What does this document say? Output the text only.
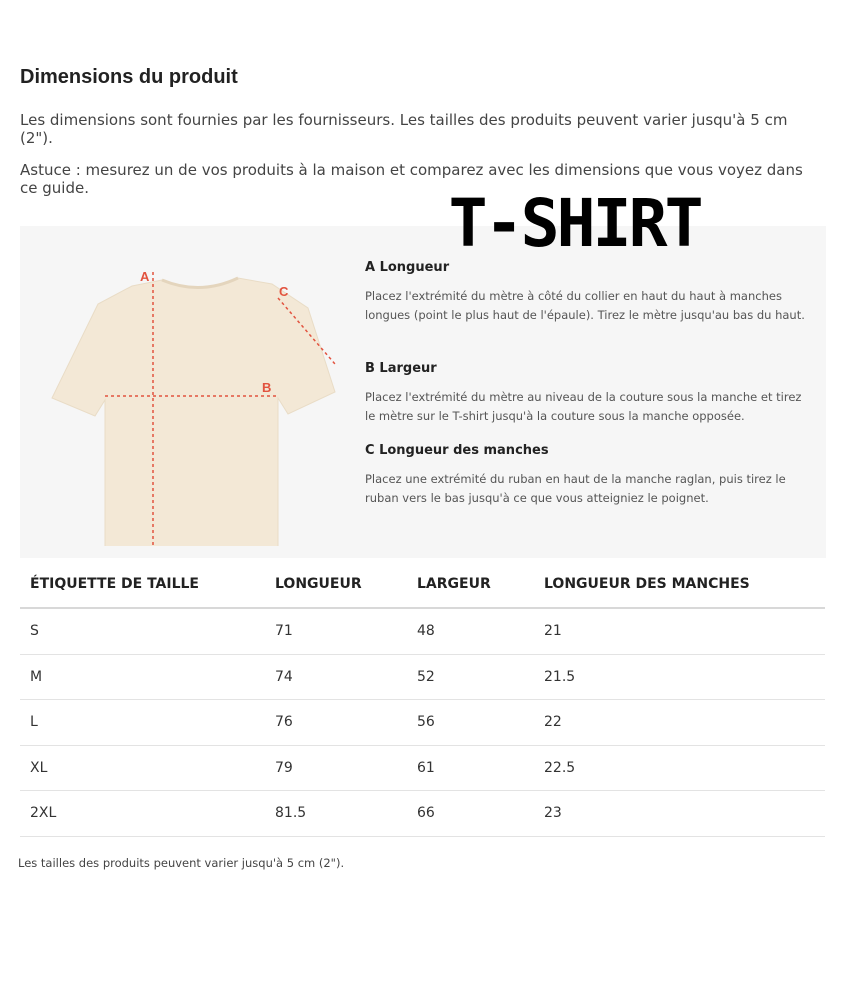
Dimensions du produit

Les dimensions sont fournies par les fournisseurs. Les tailles des produits peuvent varier jusqu'à 5 cm (2").

Astuce : mesurez un de vos produits à la maison et comparez avec les dimensions que vous voyez dans ce guide.

A
B
C
A Longueur

Placez l'extrémité du mètre à côté du collier en haut du haut à manches longues (point le plus haut de l'épaule). Tirez le mètre jusqu'au bas du haut.

B Largeur

Placez l'extrémité du mètre au niveau de la couture sous la manche et tirez le mètre sur le T-shirt jusqu'à la couture sous la manche opposée.

C Longueur des manches

Placez une extrémité du ruban en haut de la manche raglan, puis tirez le ruban vers le bas jusqu'à ce que vous atteigniez le poignet.

T-SHIRT
ÉTIQUETTE DE TAILLE	LONGUEUR	LARGEUR	LONGUEUR DES MANCHES
S	71	48	21
M	74	52	21.5
L	76	56	22
XL	79	61	22.5
2XL	81.5	66	23

Les tailles des produits peuvent varier jusqu'à 5 cm (2").
